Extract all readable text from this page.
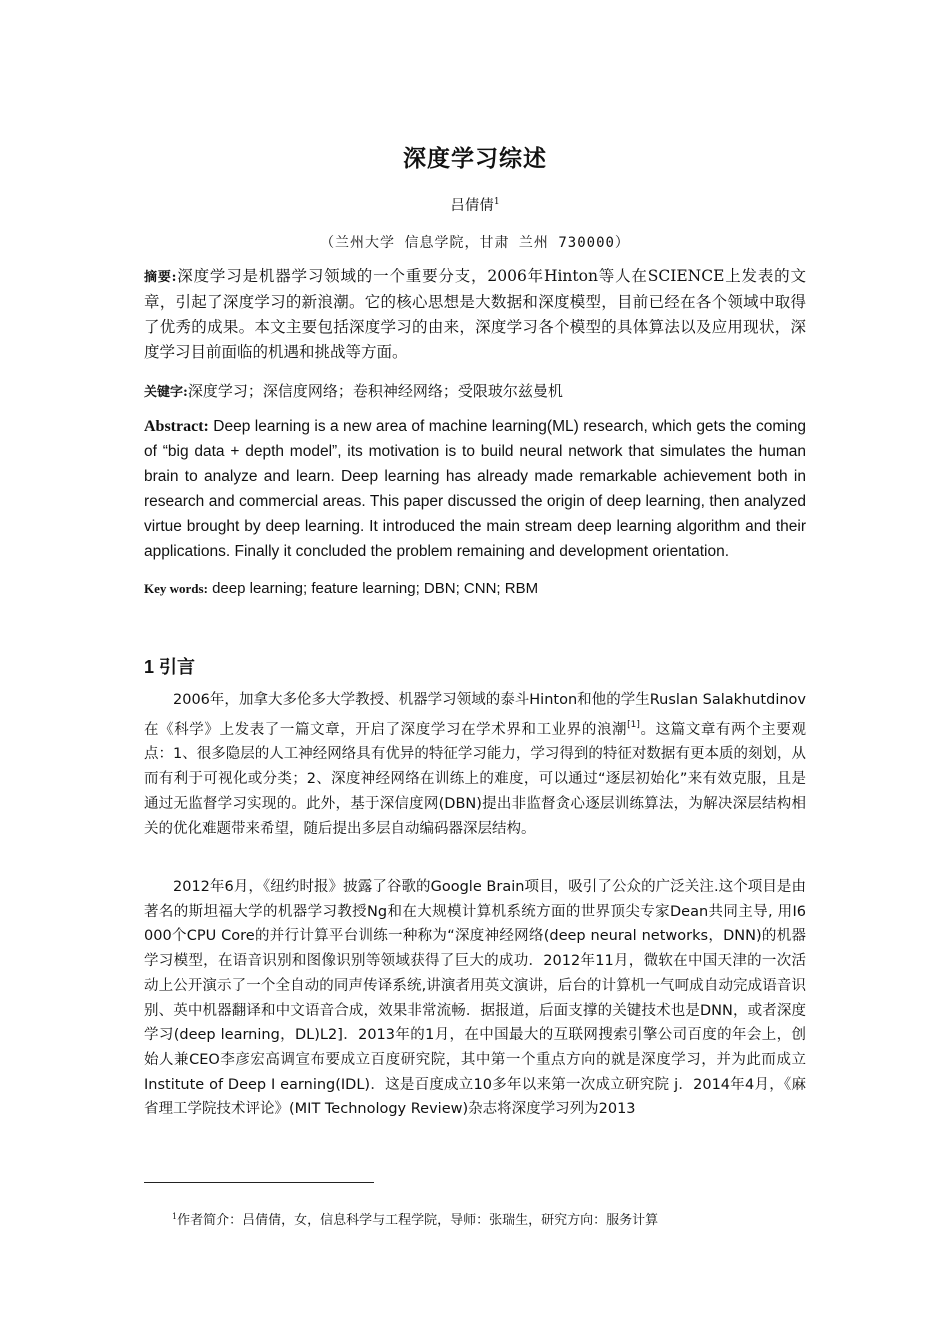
深度学习综述
吕倩倩$^1$
（兰州大学 信息学院，甘肃 兰州 730000）
摘要:深度学习是机器学习领域的一个重要分支，2006年Hinton等人在SCIENCE上发表的文章，引起了深度学习的新浪潮。它的核心思想是大数据和深度模型，目前已经在各个领域中取得了优秀的成果。本文主要包括深度学习的由来，深度学习各个模型的具体算法以及应用现状，深度学习目前面临的机遇和挑战等方面。
关键字:深度学习；深信度网络；卷积神经网络；受限玻尔兹曼机
Abstract: Deep learning is a new area of machine learning(ML) research, which gets the coming of “big data + depth model”, its motivation is to build neural network that simulates the human brain to analyze and learn. Deep learning has already made remarkable achievement both in research and commercial areas. This paper discussed the origin of deep learning, then analyzed virtue brought by deep learning. It introduced the main stream deep learning algorithm and their applications. Finally it concluded the problem remaining and development orientation.
Key words: deep learning; feature learning; DBN; CNN; RBM
1 引言
2006年，加拿大多伦多大学教授、机器学习领域的泰斗Hinton和他的学生Ruslan Salakhutdinov在《科学》上发表了一篇文章，开启了深度学习在学术界和工业界的浪潮[1]。这篇文章有两个主要观点：1、很多隐层的人工神经网络具有优异的特征学习能力，学习得到的特征对数据有更本质的刻划，从而有利于可视化或分类；2、深度神经网络在训练上的难度，可以通过“逐层初始化”来有效克服，且是通过无监督学习实现的。此外，基于深信度网(DBN)提出非监督贪心逐层训练算法，为解决深层结构相关的优化难题带来希望，随后提出多层自动编码器深层结构。
2012年6月，《纽约时报》披露了谷歌的Google Brain项目，吸引了公众的广泛关注.这个项目是由著名的斯坦福大学的机器学习教授Ng和在大规模计算机系统方面的世界顶尖专家Dean共同主导, 用I6 000个CPU Core的并行计算平台训练一种称为“深度神经网络(deep neural networks，DNN)的机器学习模型，在语音识别和图像识别等领域获得了巨大的成功．2012年11月，微软在中国天津的一次活动上公开演示了一个全自动的同声传译系统,讲演者用英文演讲，后台的计算机一气呵成自动完成语音识别、英中机器翻译和中文语音合成，效果非常流畅．据报道，后面支撑的关键技术也是DNN，或者深度学习(deep learning，DL)L2]．2013年的1月，在中国最大的互联网搜索引擎公司百度的年会上，创始人兼CEO李彦宏高调宣布要成立百度研究院，其中第一个重点方向的就是深度学习，并为此而成立Institute of Deep I earning(IDL)．这是百度成立10多年以来第一次成立研究院 j．2014年4月，《麻省理工学院技术评论》(MIT Technology Review)杂志将深度学习列为2013
$^1$作者简介：吕倩倩，女，信息科学与工程学院，导师：张瑞生，研究方向：服务计算
